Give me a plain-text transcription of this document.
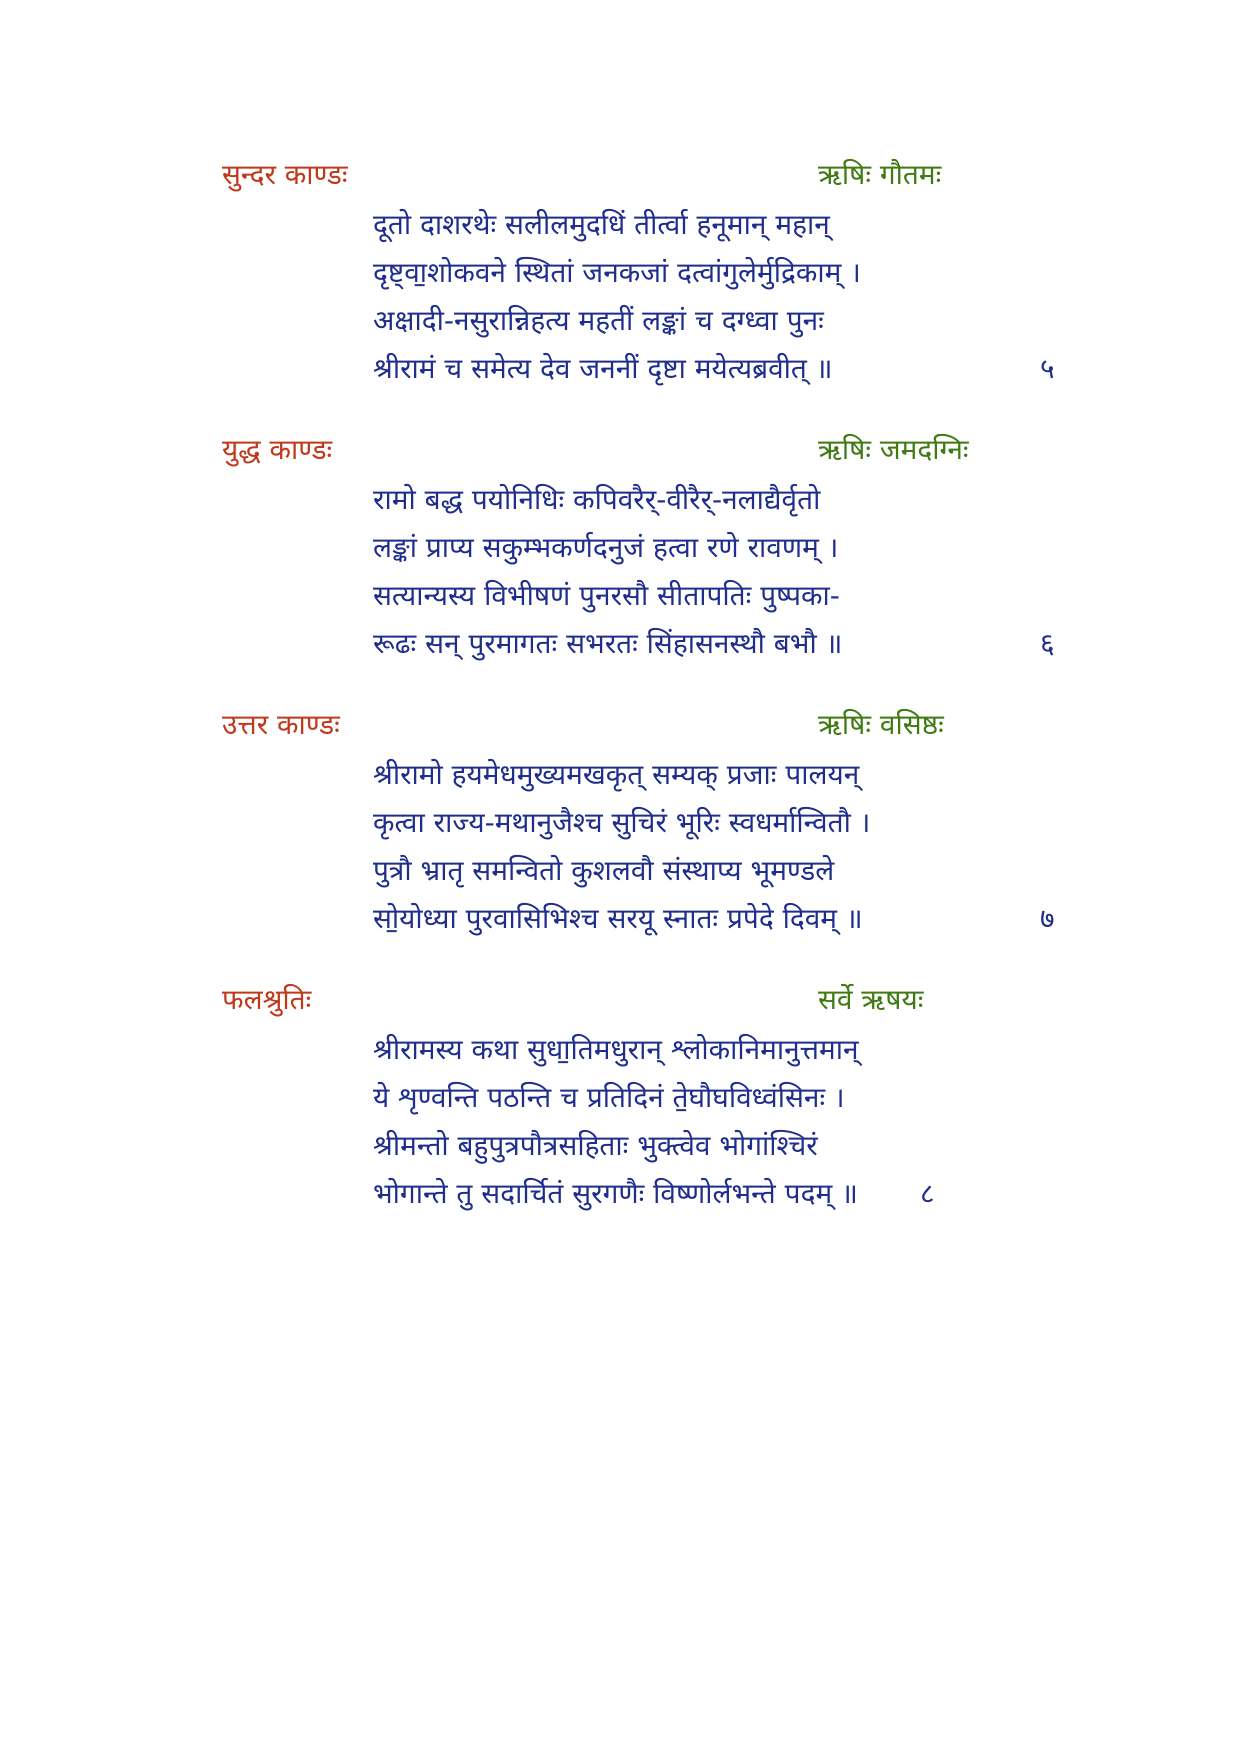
सुन्दर काण्डः	ऋषिः गौतमः
दूतो दाशरथेः सलीलमुदधिं तीर्त्वा हनूमान् महान्
दृष्ट्वा॒शोकवने स्थितां जनकजां दत्वांगुलेर्मुद्रिकाम् ।
अक्षादी-नसुरान्निहत्य महतीं लङ्कां च दग्ध्वा पुनः
श्रीरामं च समेत्य देव जननीं दृष्टा मयेत्यब्रवीत् ॥	५
युद्ध काण्डः	ऋषिः जमदग्निः
रामो बद्ध पयोनिधिः कपिवरैर्-वीरैर्-नलाद्यैर्वृतो
लङ्कां प्राप्य सकुम्भकर्णदनुजं हत्वा रणे रावणम् ।
सत्यान्यस्य विभीषणं पुनरसौ सीतापतिः पुष्पका-
रूढः सन् पुरमागतः सभरतः सिंहासनस्थौ बभौ ॥	६
उत्तर काण्डः	ऋषिः वसिष्ठः
श्रीरामो हयमेधमुख्यमखकृत् सम्यक् प्रजाः पालयन्
कृत्वा राज्य-मथानुजैश्च सुचिरं भूरिः स्वधर्मान्वितौ ।
पुत्रौ भ्रातृ समन्वितो कुशलवौ संस्थाप्य भूमण्डले
सो॒योध्या पुरवासिभिश्च सरयू स्नातः प्रपेदे दिवम् ॥	७
फलश्रुतिः	सर्वे ऋषयः
श्रीरामस्य कथा सुधा॒तिमधुरान् श्लोकानिमानुत्तमान्
ये शृण्वन्ति पठन्ति च प्रतिदिनं ते॒घौघविध्वंसिनः ।
श्रीमन्तो बहुपुत्रपौत्रसहिताः भुक्त्वेव भोगांश्चिरं
भोगान्ते तु सदार्चितं सुरगणैः विष्णोर्लभन्ते पदम् ॥ ८
